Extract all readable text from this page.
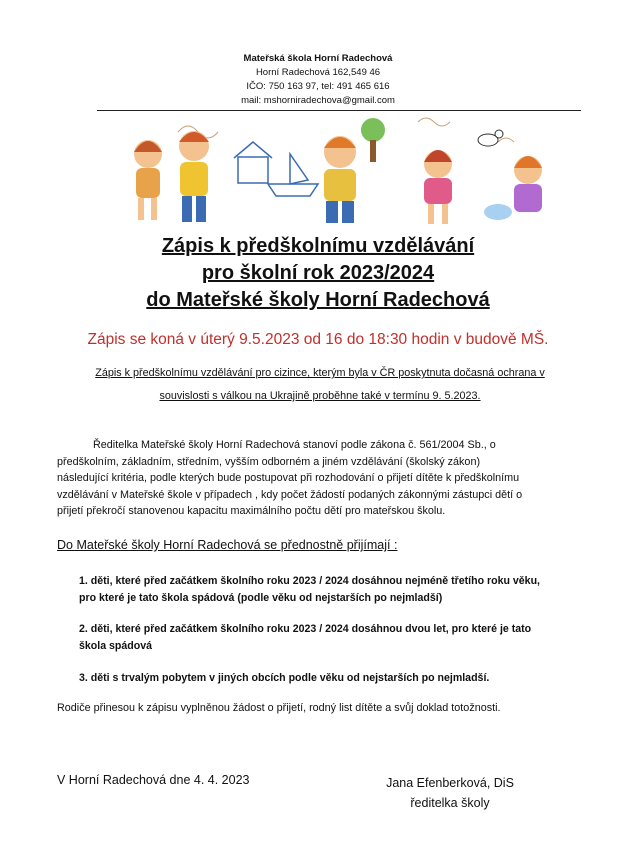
Mateřská škola Horní Radechová
Horní Radechová 162,549 46
IČO: 750 163 97, tel: 491 465 616
mail: mshorniradechova@gmail.com
Zápis k předškolnímu vzdělávání
pro školní rok 2023/2024
do Mateřské školy Horní Radechová
Zápis se koná v úterý 9.5.2023 od 16 do 18:30 hodin v budově MŠ.
Zápis k předškolnímu vzdělávání pro cizince, kterým byla v ČR poskytnuta dočasná ochrana v
souvislosti s válkou na Ukrajině proběhne také v termínu 9. 5.2023.
Ředitelka Mateřské školy Horní Radechová stanoví podle zákona č. 561/2004 Sb., o
předškolním, základním, středním, vyšším odborném a jiném vzdělávání (školský zákon)
následující kritéria, podle kterých bude postupovat při rozhodování o přijetí dítěte k předškolnímu
vzdělávání v Mateřské škole v případech , kdy počet žádostí podaných zákonnými zástupci dětí o
přijetí překročí stanovenou kapacitu maximálního počtu dětí pro mateřskou školu.
Do Mateřské školy Horní Radechová se přednostně přijímají :
1. děti, které před začátkem školního roku 2023 / 2024 dosáhnou nejméně třetího roku věku,
pro které je tato škola spádová (podle věku od nejstarších po nejmladší)
2. děti, které před začátkem školního roku 2023 / 2024 dosáhnou dvou let, pro které je tato
škola spádová
3. děti s trvalým pobytem v jiných obcích podle věku od nejstarších po nejmladší.
Rodiče přinesou k zápisu vyplněnou žádost o přijetí, rodný list dítěte a svůj doklad totožnosti.
V Horní Radechová dne 4. 4. 2023	Jana Efenberková, DiS
ředitelka školy
